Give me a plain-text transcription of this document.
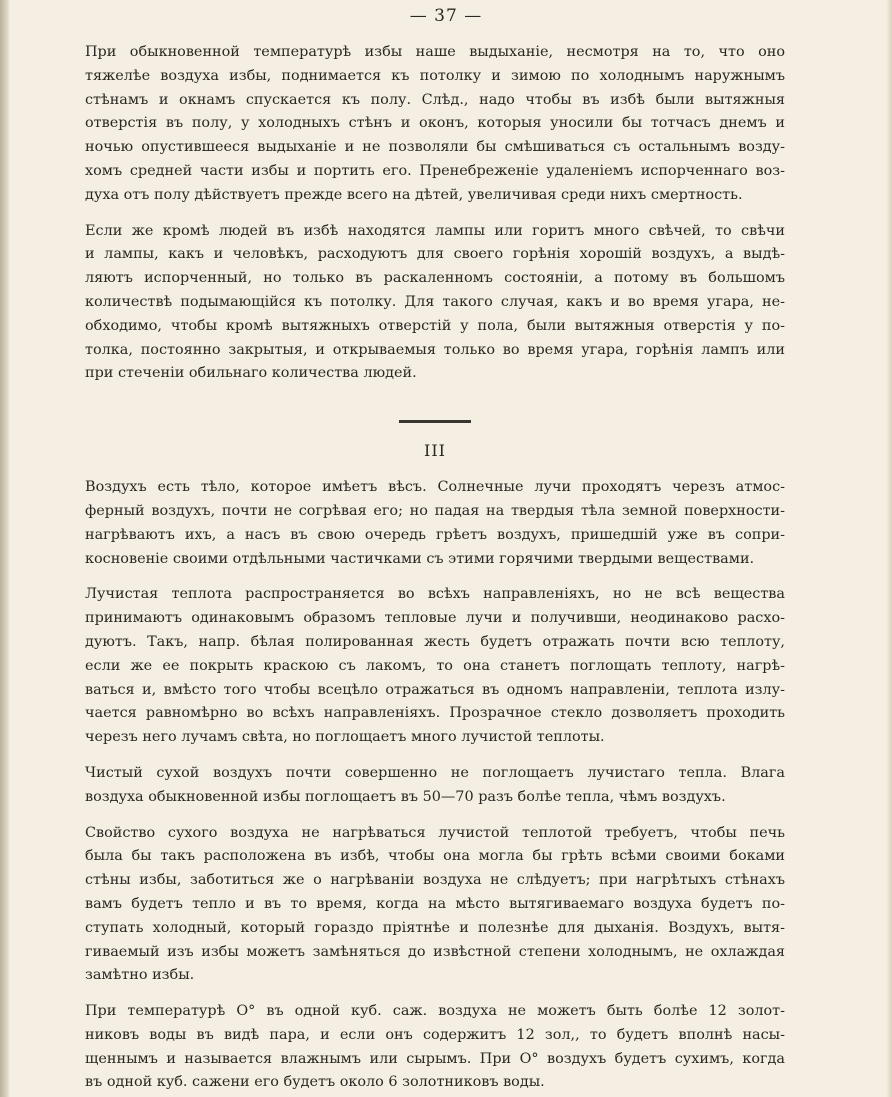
— 37 —
При обыкновенной температурѣ избы наше выдыханіе, несмотря на то, что оно
тяжелѣе воздуха избы, поднимается къ потолку и зимою по холоднымъ наружнымъ
стѣнамъ и окнамъ спускается къ полу. Слѣд., надо чтобы въ избѣ были вытяжныя
отверстія въ полу, у холодныхъ стѣнъ и оконъ, которыя уносили бы тотчасъ днемъ и
ночью опустившееся выдыханіе и не позволяли бы смѣшиваться съ остальнымъ возду-
хомъ средней части избы и портить его. Пренебреженіе удаленіемъ испорченнаго воз-
духа отъ полу дѣйствуетъ прежде всего на дѣтей, увеличивая среди нихъ смертность.
Если же кромѣ людей въ избѣ находятся лампы или горитъ много свѣчей, то свѣчи
и лампы, какъ и человѣкъ, расходуютъ для своего горѣнія хорошій воздухъ, а выдѣ-
ляютъ испорченный, но только въ раскаленномъ состояніи, а потому въ большомъ
количествѣ подымающійся къ потолку. Для такого случая, какъ и во время угара, не-
обходимо, чтобы кромѣ вытяжныхъ отверстій у пола, были вытяжныя отверстія у по-
толка, постоянно закрытыя, и открываемыя только во время угара, горѣнія лампъ или
при стеченіи обильнаго количества людей.
III
Воздухъ есть тѣло, которое имѣетъ вѣсъ. Солнечные лучи проходятъ черезъ атмос-
ферный воздухъ, почти не согрѣвая его; но падая на твердыя тѣла земной поверхности-
нагрѣваютъ ихъ, а насъ въ свою очередь грѣетъ воздухъ, пришедшій уже въ сопри-
косновеніе своими отдѣльными частичками съ этими горячими твердыми веществами.
Лучистая теплота распространяется во всѣхъ направленіяхъ, но не всѣ вещества
принимаютъ одинаковымъ образомъ тепловые лучи и получивши, неодинаково расхо-
дуютъ. Такъ, напр. бѣлая полированная жесть будетъ отражать почти всю теплоту,
если же ее покрыть краскою съ лакомъ, то она станетъ поглощать теплоту, нагрѣ-
ваться и, вмѣсто того чтобы всецѣло отражаться въ одномъ направленіи, теплота излу-
чается равномѣрно во всѣхъ направленіяхъ. Прозрачное стекло дозволяетъ проходить
черезъ него лучамъ свѣта, но поглощаетъ много лучистой теплоты.
Чистый сухой воздухъ почти совершенно не поглощаетъ лучистаго тепла. Влага
воздуха обыкновенной избы поглощаетъ въ 50—70 разъ болѣе тепла, чѣмъ воздухъ.
Свойство сухого воздуха не нагрѣваться лучистой теплотой требуетъ, чтобы печь
была бы такъ расположена въ избѣ, чтобы она могла бы грѣть всѣми своими боками
стѣны избы, заботиться же о нагрѣваніи воздуха не слѣдуетъ; при нагрѣтыхъ стѣнахъ
вамъ будетъ тепло и въ то время, когда на мѣсто вытягиваемаго воздуха будетъ по-
ступать холодный, который гораздо пріятнѣе и полезнѣе для дыханія. Воздухъ, вытя-
гиваемый изъ избы можетъ замѣняться до извѣстной степени холоднымъ, не охлаждая
замѣтно избы.
При температурѣ О° въ одной куб. саж. воздуха не можетъ быть болѣе 12 золот-
никовъ воды въ видѣ пара, и если онъ содержитъ 12 зол,, то будетъ вполнѣ насы-
щеннымъ и называется влажнымъ или сырымъ. При О° воздухъ будетъ сухимъ, когда
въ одной куб. сажени его будетъ около 6 золотниковъ воды.
